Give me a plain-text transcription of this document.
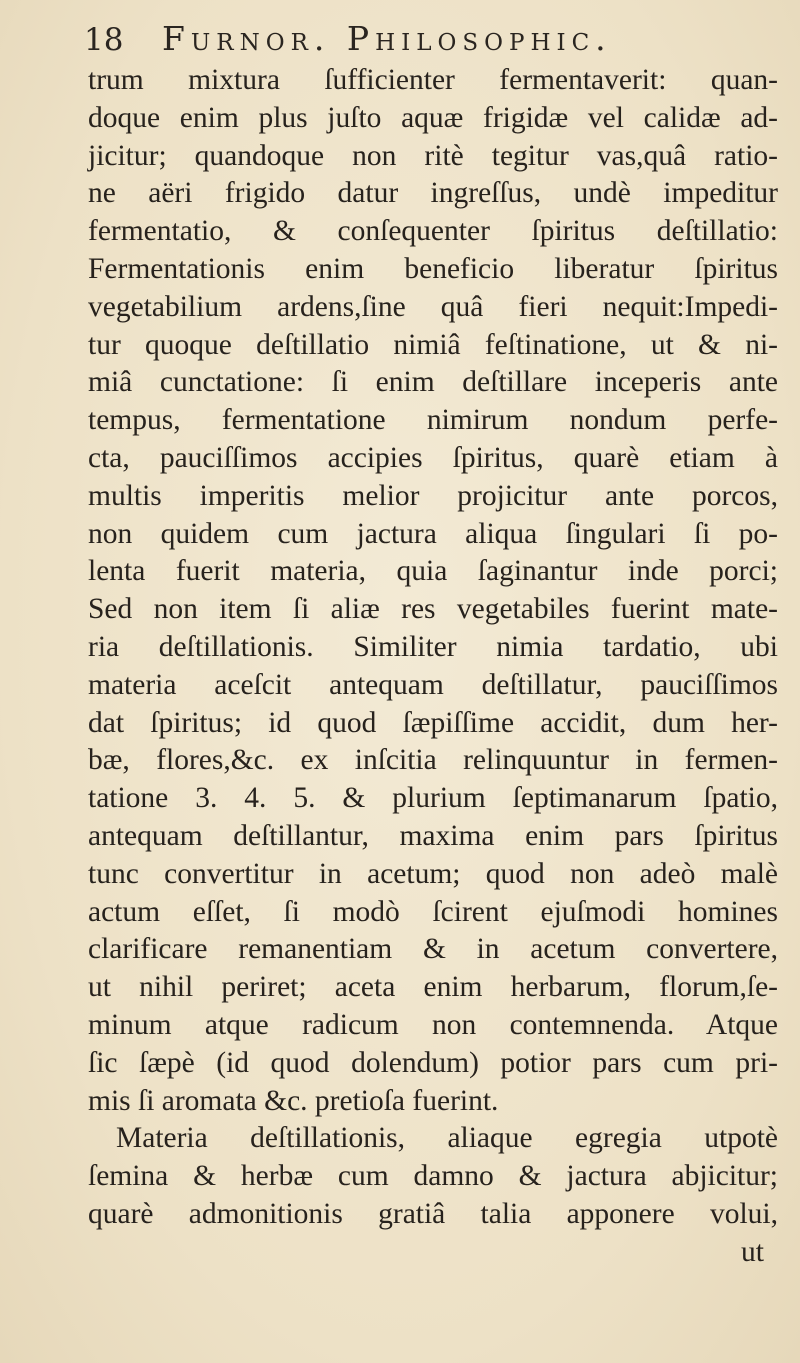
18 Furnor. Philosophic.
trum mixtura ſufficienter fermentaverit: quan-
doque enim plus juſto aquæ frigidæ vel calidæ ad-
jicitur; quandoque non ritè tegitur vas,quâ ratio-
ne aëri frigido datur ingreſſus, undè impeditur
fermentatio, & conſequenter ſpiritus deſtillatio:
Fermentationis enim beneficio liberatur ſpiritus
vegetabilium ardens,ſine quâ fieri nequit:Impedi-
tur quoque deſtillatio nimiâ feſtinatione, ut & ni-
miâ cunctatione: ſi enim deſtillare inceperis ante
tempus, fermentatione nimirum nondum perfe-
cta, pauciſſimos accipies ſpiritus, quarè etiam à
multis imperitis melior projicitur ante porcos,
non quidem cum jactura aliqua ſingulari ſi po-
lenta fuerit materia, quia ſaginantur inde porci;
Sed non item ſi aliæ res vegetabiles fuerint mate-
ria deſtillationis. Similiter nimia tardatio, ubi
materia aceſcit antequam deſtillatur, pauciſſimos
dat ſpiritus; id quod ſæpiſſime accidit, dum her-
bæ, flores,&c. ex inſcitia relinquuntur in fermen-
tatione 3. 4. 5. & plurium ſeptimanarum ſpatio,
antequam deſtillantur, maxima enim pars ſpiritus
tunc convertitur in acetum; quod non adeò malè
actum eſſet, ſi modò ſcirent ejuſmodi homines
clarificare remanentiam & in acetum convertere,
ut nihil periret; aceta enim herbarum, florum,ſe-
minum atque radicum non contemnenda. Atque
ſic ſæpè (id quod dolendum) potior pars cum pri-
mis ſi aromata &c. pretioſa fuerint.
Materia deſtillationis, aliaque egregia utpotè
ſemina & herbæ cum damno & jactura abjicitur;
quarè admonitionis gratiâ talia apponere volui,
ut
